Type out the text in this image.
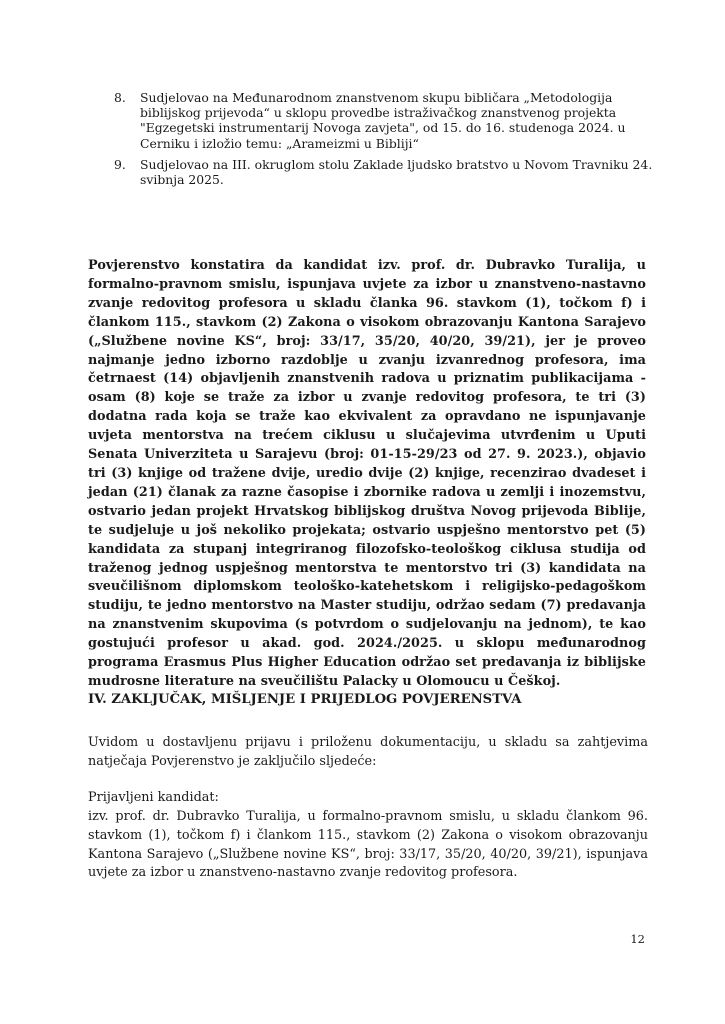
8. Sudjelovao na Međunarodnom znanstvenom skupu bibličara „Metodologija biblijskog prijevoda“ u sklopu provedbe istraživačkog znanstvenog projekta "Egzegetski instrumentarij Novoga zavjeta", od 15. do 16. studenoga 2024. u Cerniku i izložio temu: „Arameizmi u Bibliji“
9. Sudjelovao na III. okruglom stolu Zaklade ljudsko bratstvo u Novom Travniku 24. svibnja 2025.

Povjerenstvo konstatira da kandidat izv. prof. dr. Dubravko Turalija, u formalno-pravnom smislu, ispunjava uvjete za izbor u znanstveno-nastavno zvanje redovitog profesora u skladu članka 96. stavkom (1), točkom f) i člankom 115., stavkom (2) Zakona o visokom obrazovanju Kantona Sarajevo („Službene novine KS“, broj: 33/17, 35/20, 40/20, 39/21), jer je proveo najmanje jedno izborno razdoblje u zvanju izvanrednog profesora, ima četrnaest (14) objavljenih znanstvenih radova u priznatim publikacijama - osam (8) koje se traže za izbor u zvanje redovitog profesora, te tri (3) dodatna rada koja se traže kao ekvivalent za opravdano ne ispunjavanje uvjeta mentorstva na trećem ciklusu u slučajevima utvrđenim u Uputi Senata Univerziteta u Sarajevu (broj: 01-15-29/23 od 27. 9. 2023.), objavio tri (3) knjige od tražene dvije, uredio dvije (2) knjige, recenzirao dvadeset i jedan (21) članak za razne časopise i zbornike radova u zemlji i inozemstvu, ostvario jedan projekt Hrvatskog biblijskog društva Novog prijevoda Biblije, te sudjeluje u još nekoliko projekata; ostvario uspješno mentorstvo pet (5) kandidata za stupanj integriranog filozofsko-teološkog ciklusa studija od traženog jednog uspješnog mentorstva te mentorstvo tri (3) kandidata na sveučilišnom diplomskom teološko-katehetskom i religijsko-pedagoškom studiju, te jedno mentorstvo na Master studiju, održao sedam (7) predavanja na znanstvenim skupovima (s potvrdom o sudjelovanju na jednom), te kao gostujući profesor u akad. god. 2024./2025. u sklopu međunarodnog programa Erasmus Plus Higher Education održao set predavanja iz biblijske mudrosne literature na sveučilištu Palacky u Olomoucu u Češkoj.

IV. ZAKLJUČAK, MIŠLJENJE I PRIJEDLOG POVJERENSTVA

Uvidom u dostavljenu prijavu i priloženu dokumentaciju, u skladu sa zahtjevima natječaja Povjerenstvo je zaključilo sljedeće:

Prijavljeni kandidat:

izv. prof. dr. Dubravko Turalija, u formalno-pravnom smislu, u skladu člankom 96. stavkom (1), točkom f) i člankom 115., stavkom (2) Zakona o visokom obrazovanju Kantona Sarajevo („Službene novine KS“, broj: 33/17, 35/20, 40/20, 39/21), ispunjava uvjete za izbor u znanstveno-nastavno zvanje redovitog profesora.

12
